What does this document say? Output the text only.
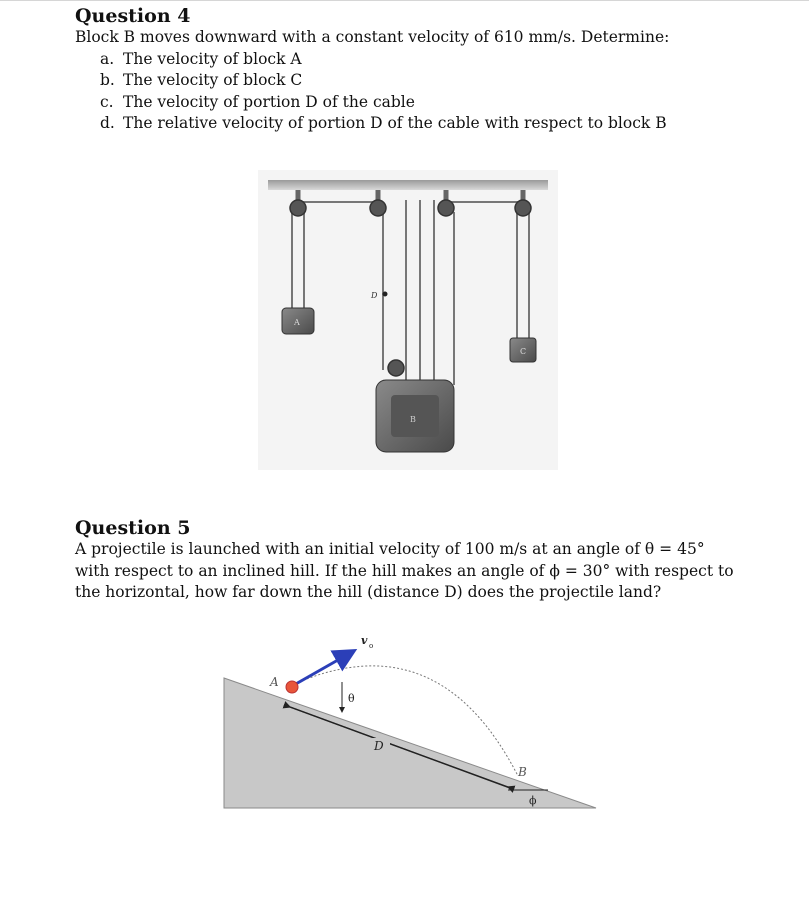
Question 4

Block B moves downward with a constant velocity of 610 mm/s. Determine:

a. The velocity of block A
b. The velocity of block C
c. The velocity of portion D of the cable
d. The relative velocity of portion D of the cable with respect to block B
D
A
C
B
Question 5

A projectile is launched with an initial velocity of 100 m/s at an angle of θ = 45°

with respect to an inclined hill. If the hill makes an angle of ϕ = 30° with respect to

the horizontal, how far down the hill (distance D) does the projectile land?

D
θ
v o
A
B
ϕ
